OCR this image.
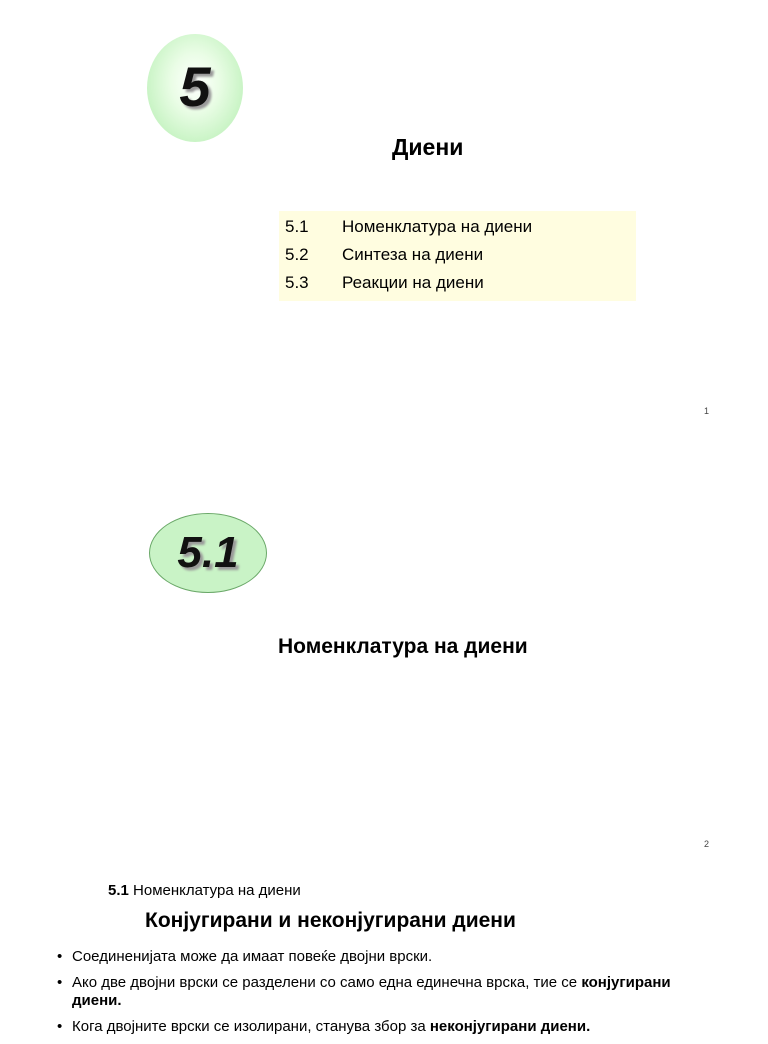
5
Диени
5.1 Номенклатура на диени
5.2 Синтеза на диени
5.3 Реакции на диени
1
5.1
Номенклатура на диени
2
5.1 Номенклатура на диени
Конјугирани и неконјугирани диени
• Соединенијата може да имаат повеќе двојни врски.
• Ако две двојни врски се разделени со само една единечна врска, тие се конјугирани диени.
• Кога двојните врски се изолирани, станува збор за неконјугирани диени.
